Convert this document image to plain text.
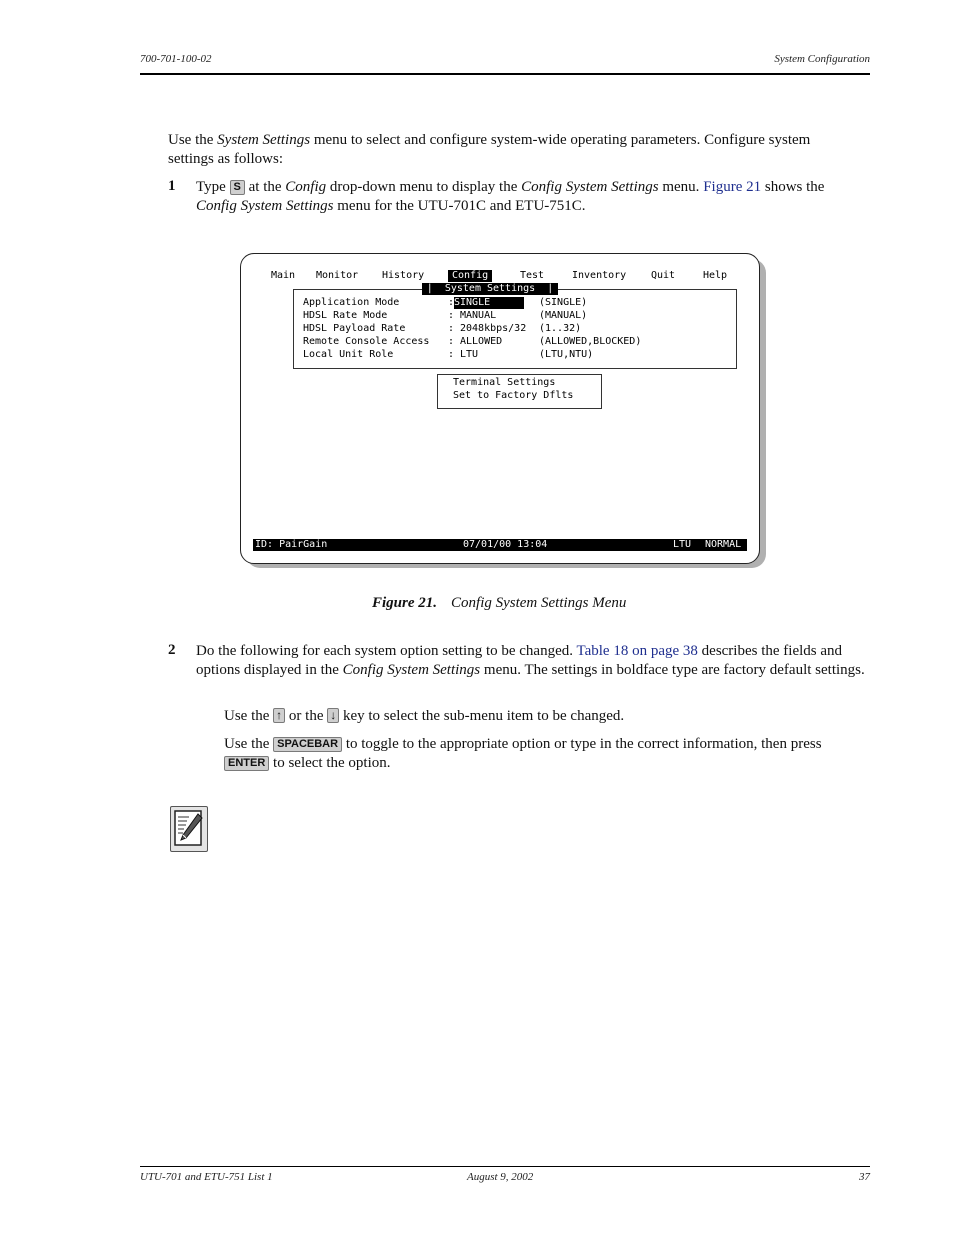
700-701-100-02	System Configuration
Use the System Settings menu to select and configure system-wide operating parameters. Configure system settings as follows:
1 Type S at the Config drop-down menu to display the Config System Settings menu. Figure 21 shows the Config System Settings menu for the UTU-701C and ETU-751C.
Main Monitor History	Config	Test	Inventory Quit	Help
|  System Settings  |
Application Mode	: SINGLE	(SINGLE)
HDSL Rate Mode	: MANUAL	(MANUAL)
HDSL Payload Rate	: 2048kbps/32 (1..32)
Remote Console Access : ALLOWED	(ALLOWED,BLOCKED)
Local Unit Role	: LTU	(LTU,NTU)
Terminal Settings
Set to Factory Dflts
ID: PairGain	07/01/00 13:04	LTU NORMAL
Figure 21. Config System Settings Menu
2 Do the following for each system option setting to be changed. Table 18 on page 38 describes the fields and options displayed in the Config System Settings menu. The settings in boldface type are factory default settings.
Use the ↑ or the ↓ key to select the sub-menu item to be changed.
Use the SPACEBAR to toggle to the appropriate option or type in the correct information, then press ENTER to select the option.
UTU-701 and ETU-751 List 1	August 9, 2002	37
